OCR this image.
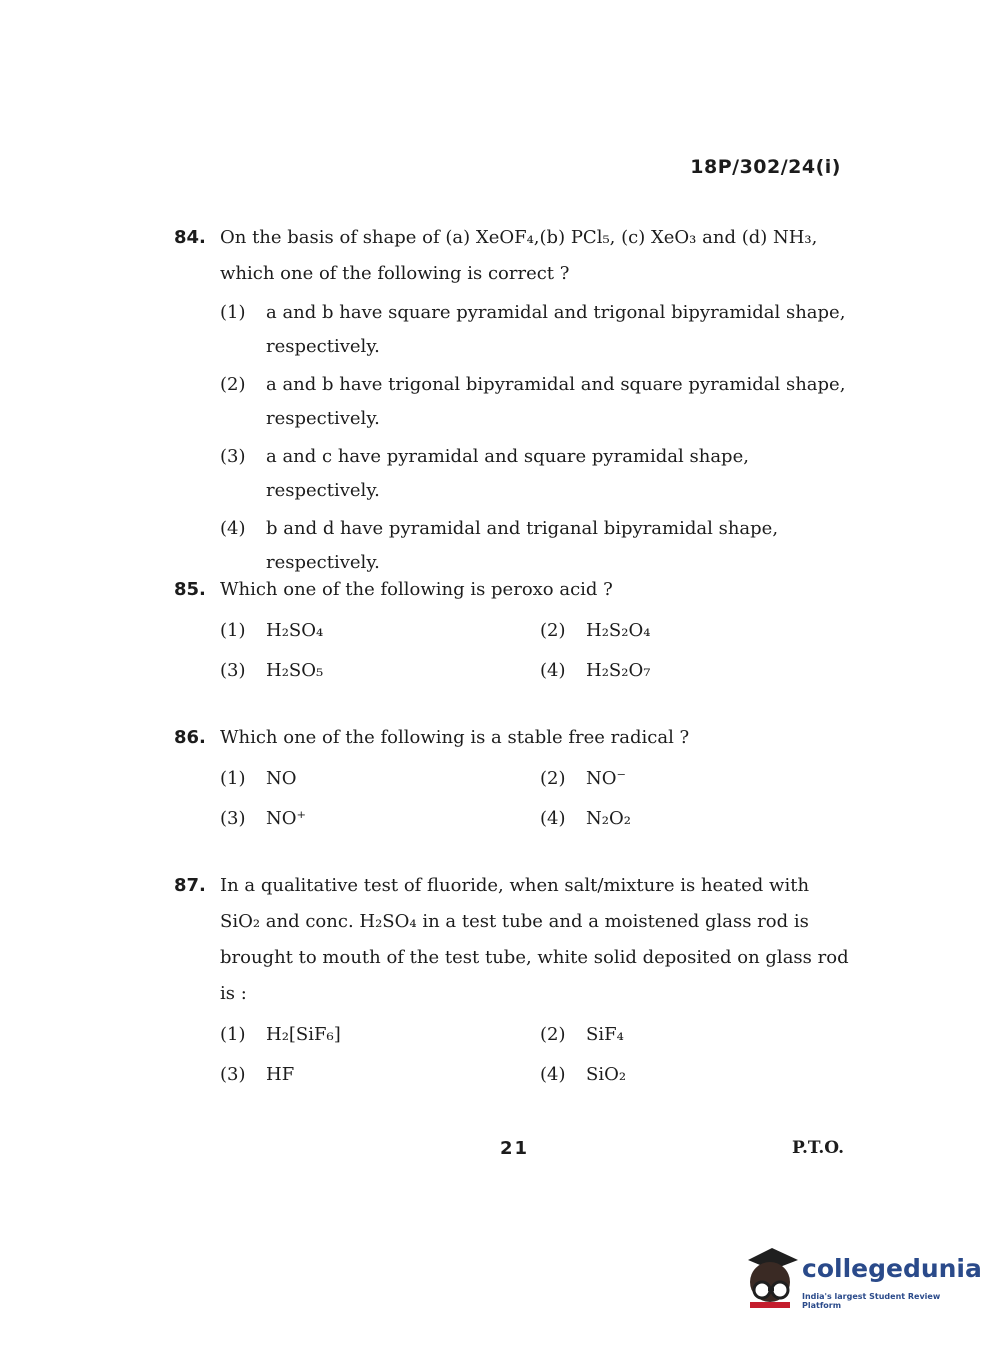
18P/302/24(i)
84. On the basis of shape of (a) XeOF₄,(b) PCl₅, (c) XeO₃ and (d) NH₃, which one of the following is correct ?
(1)	a and b have square pyramidal and trigonal bipyramidal shape, respectively.
(2)	a and b have trigonal bipyramidal and square pyramidal shape, respectively.
(3)	a and c have pyramidal and square pyramidal shape, respectively.
(4)	b and d have pyramidal and triganal bipyramidal shape, respectively.
85. Which one of the following is peroxo acid ?
(1)	H₂SO₄	(2)	H₂S₂O₄
(3)	H₂SO₅	(4)	H₂S₂O₇
86. Which one of the following is a stable free radical ?
(1)	NO	(2)	NO⁻
(3)	NO⁺	(4)	N₂O₂
87. In a qualitative test of fluoride, when salt/mixture is heated with SiO₂ and conc. H₂SO₄ in a test tube and a moistened glass rod is brought to mouth of the test tube, white solid deposited on glass rod is :
(1)	H₂[SiF₆]	(2)	SiF₄
(3)	HF	(4)	SiO₂
21	P.T.O.
collegedunia
India's largest Student Review Platform
